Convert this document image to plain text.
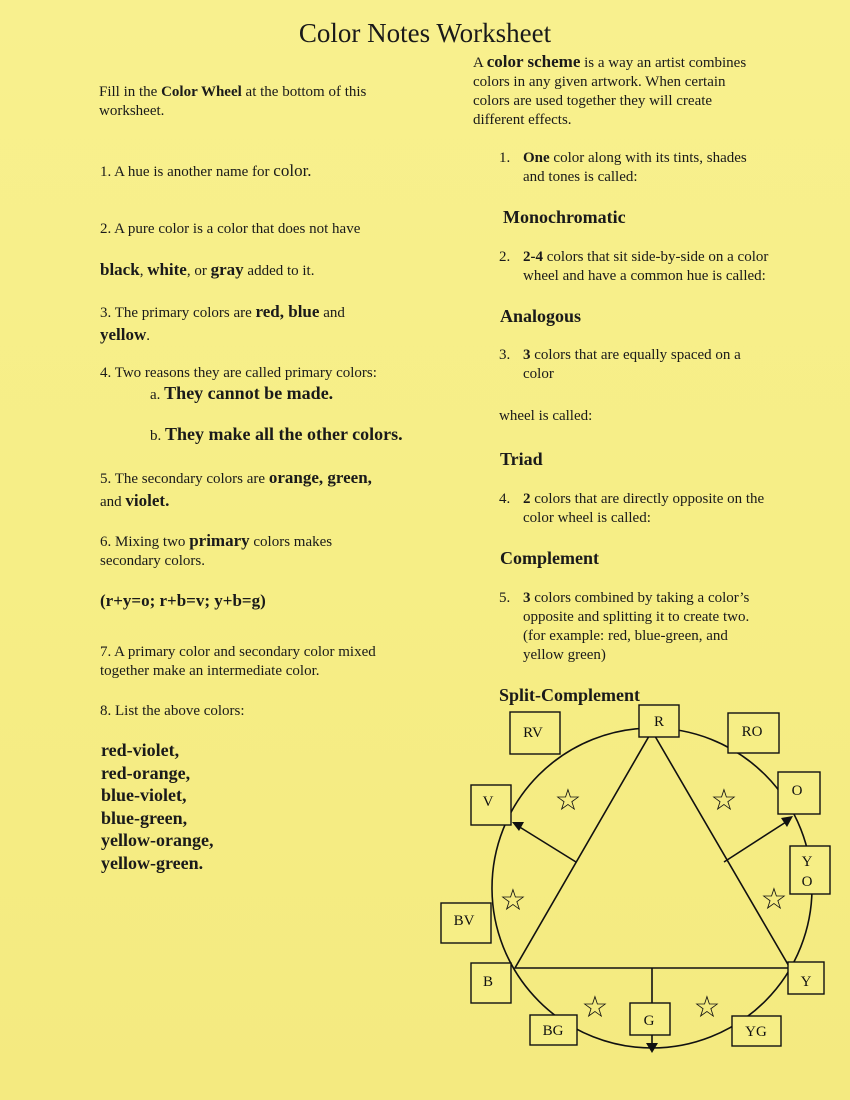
Color Notes Worksheet
Fill in the Color Wheel at the bottom of this
worksheet.
1. A hue is another name for color.
2. A pure color is a color that does not have
black, white, or gray added to it.
3. The primary colors are red, blue and
yellow.
4. Two reasons they are called primary colors:
a. They cannot be made.
b. They make all the other colors.
5. The secondary colors are orange, green,
and violet.
6. Mixing two primary colors makes
secondary colors.
(r+y=o; r+b=v; y+b=g)
7. A primary color and secondary color mixed
together make an intermediate color.
8. List the above colors:
red-violet,
red-orange,
blue-violet,
blue-green,
yellow-orange,
yellow-green.
A color scheme is a way an artist combines
colors in any given artwork. When certain
colors are used together they will create
different effects.
1. One color along with its tints, shades
and tones is called:
Monochromatic
2. 2-4 colors that sit side-by-side on a color
wheel and have a common hue is called:
Analogous
3. 3 colors that are equally spaced on a
color
wheel is called:
Triad
4. 2 colors that are directly opposite on the
color wheel is called:
Complement
5. 3 colors combined by taking a color’s
opposite and splitting it to create two.
(for example: red, blue-green, and
yellow green)
Split-Complement
R
RO
O
Y
O
Y
YG
G
BG
B
BV
V
RV
☆	☆
☆	☆
☆	☆
